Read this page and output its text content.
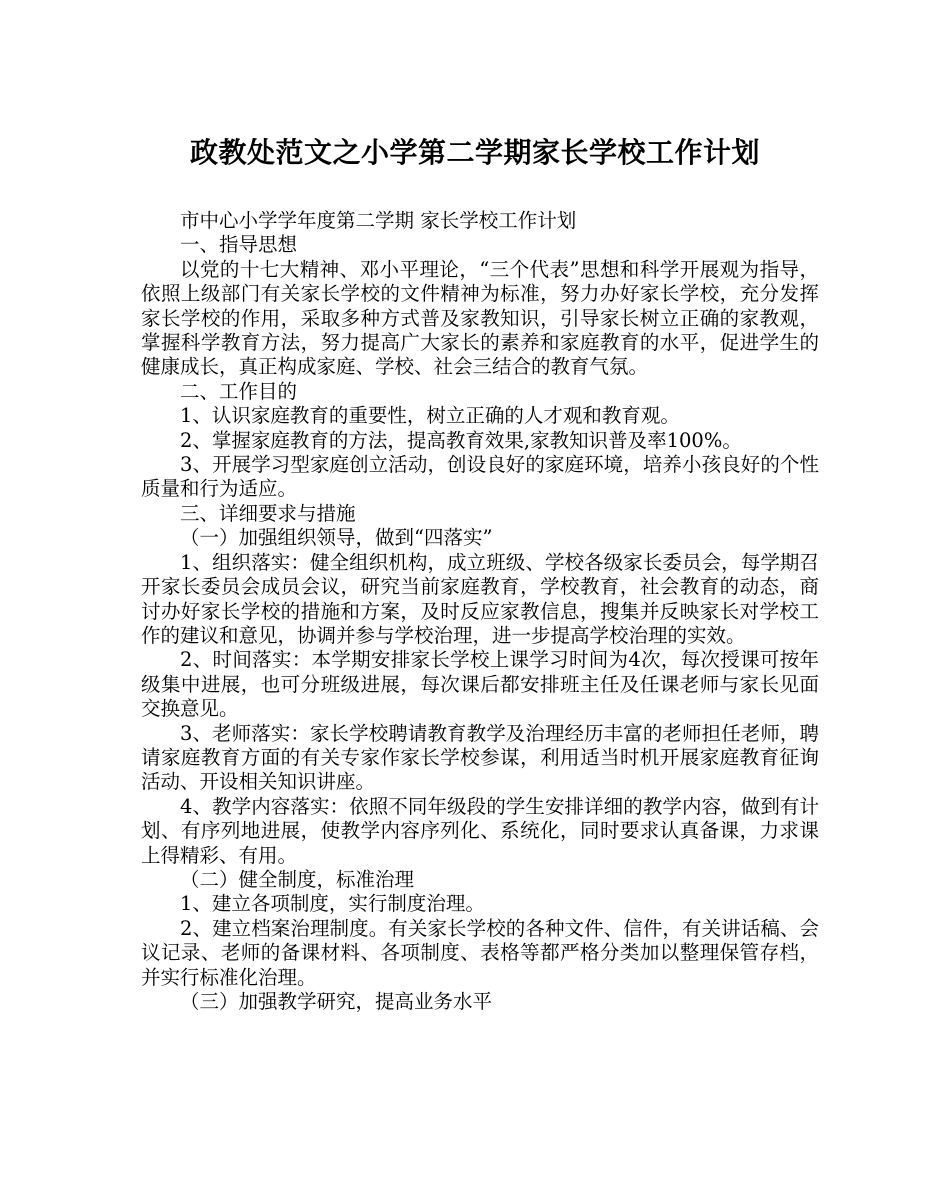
政教处范文之小学第二学期家长学校工作计划

市中心小学学年度第二学期 家长学校工作计划

一、指导思想

以党的十七大精神、邓小平理论，“三个代表”思想和科学开展观为指导，依照上级部门有关家长学校的文件精神为标准，努力办好家长学校，充分发挥家长学校的作用，采取多种方式普及家教知识，引导家长树立正确的家教观，掌握科学教育方法，努力提高广大家长的素养和家庭教育的水平，促进学生的健康成长，真正构成家庭、学校、社会三结合的教育气氛。

二、工作目的

1、认识家庭教育的重要性，树立正确的人才观和教育观。

2、掌握家庭教育的方法，提高教育效果,家教知识普及率100%。

3、开展学习型家庭创立活动，创设良好的家庭环境，培养小孩良好的个性质量和行为适应。

三、详细要求与措施

（一）加强组织领导，做到“四落实”

1、组织落实：健全组织机构，成立班级、学校各级家长委员会，每学期召开家长委员会成员会议，研究当前家庭教育，学校教育，社会教育的动态，商讨办好家长学校的措施和方案，及时反应家教信息，搜集并反映家长对学校工作的建议和意见，协调并参与学校治理，进一步提高学校治理的实效。

2、时间落实：本学期安排家长学校上课学习时间为4次，每次授课可按年级集中进展，也可分班级进展，每次课后都安排班主任及任课老师与家长见面交换意见。

3、老师落实：家长学校聘请教育教学及治理经历丰富的老师担任老师，聘请家庭教育方面的有关专家作家长学校参谋，利用适当时机开展家庭教育征询活动、开设相关知识讲座。

4、教学内容落实：依照不同年级段的学生安排详细的教学内容，做到有计划、有序列地进展，使教学内容序列化、系统化，同时要求认真备课，力求课上得精彩、有用。

（二）健全制度，标准治理

1、建立各项制度，实行制度治理。

2、建立档案治理制度。有关家长学校的各种文件、信件，有关讲话稿、会议记录、老师的备课材料、各项制度、表格等都严格分类加以整理保管存档，并实行标准化治理。

（三）加强教学研究，提高业务水平
